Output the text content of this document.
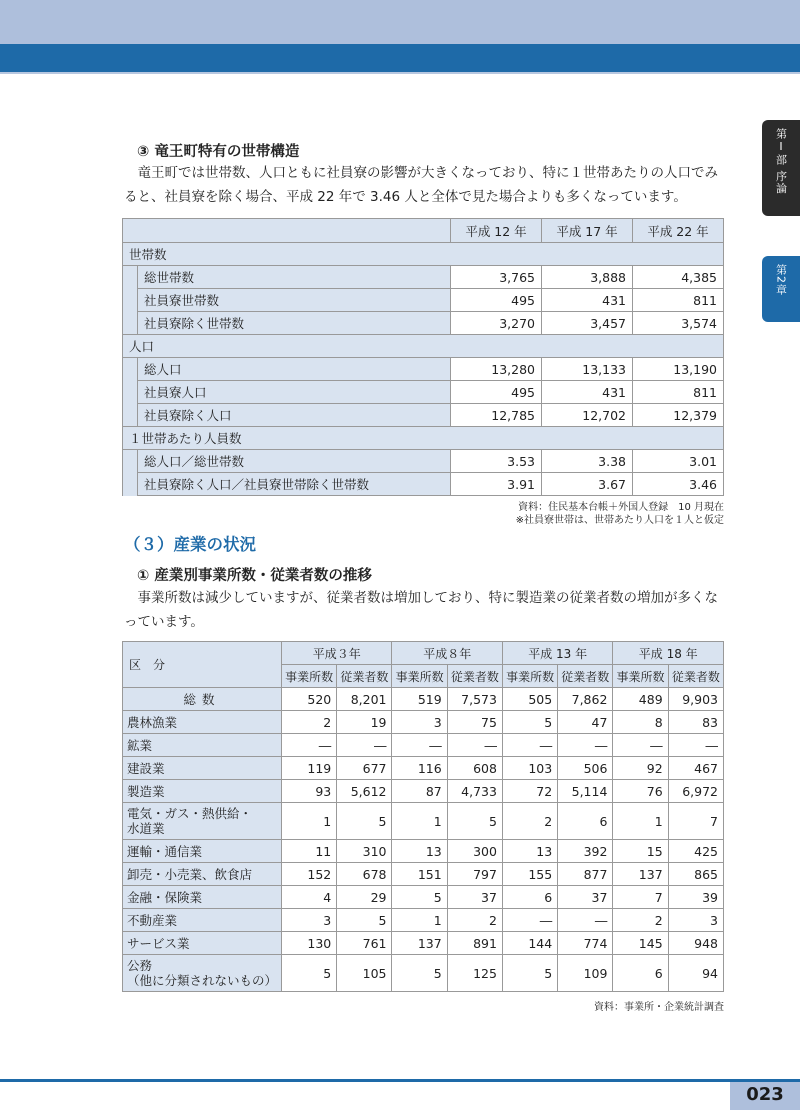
第Ⅰ部 序論
第2章
③ 竜王町特有の世帯構造
竜王町では世帯数、人口ともに社員寮の影響が大きくなっており、特に１世帯あたりの人口でみると、社員寮を除く場合、平成 22 年で 3.46 人と全体で見た場合よりも多くなっています。
		平成 12 年	平成 17 年	平成 22 年
世帯数				
	総世帯数	3,765	3,888	4,385
	社員寮世帯数	495	431	811
	社員寮除く世帯数	3,270	3,457	3,574
人口				
	総人口	13,280	13,133	13,190
	社員寮人口	495	431	811
	社員寮除く人口	12,785	12,702	12,379
１世帯あたり人員数				
	総人口／総世帯数	3.53	3.38	3.01
	社員寮除く人口／社員寮世帯除く世帯数	3.91	3.67	3.46
資料：住民基本台帳＋外国人登録　10 月現在
※社員寮世帯は、世帯あたり人口を１人と仮定
（３）産業の状況
① 産業別事業所数・従業者数の推移
事業所数は減少していますが、従業者数は増加しており、特に製造業の従業者数の増加が多くなっています。
区　分	平成３年		平成８年		平成 13 年		平成 18 年	
	事業所数	従業者数	事業所数	従業者数	事業所数	従業者数	事業所数	従業者数
総数	520	8,201	519	7,573	505	7,862	489	9,903
農林漁業	2	19	3	75	5	47	8	83
鉱業	―	―	―	―	―	―	―	―
建設業	119	677	116	608	103	506	92	467
製造業	93	5,612	87	4,733	72	5,114	76	6,972
電気・ガス・熱供給・
水道業	1	5	1	5	2	6	1	7
運輸・通信業	11	310	13	300	13	392	15	425
卸売・小売業、飲食店	152	678	151	797	155	877	137	865
金融・保険業	4	29	5	37	6	37	7	39
不動産業	3	5	1	2	―	―	2	3
サービス業	130	761	137	891	144	774	145	948
公務
（他に分類されないもの）	5	105	5	125	5	109	6	94
資料：事業所・企業統計調査
023
